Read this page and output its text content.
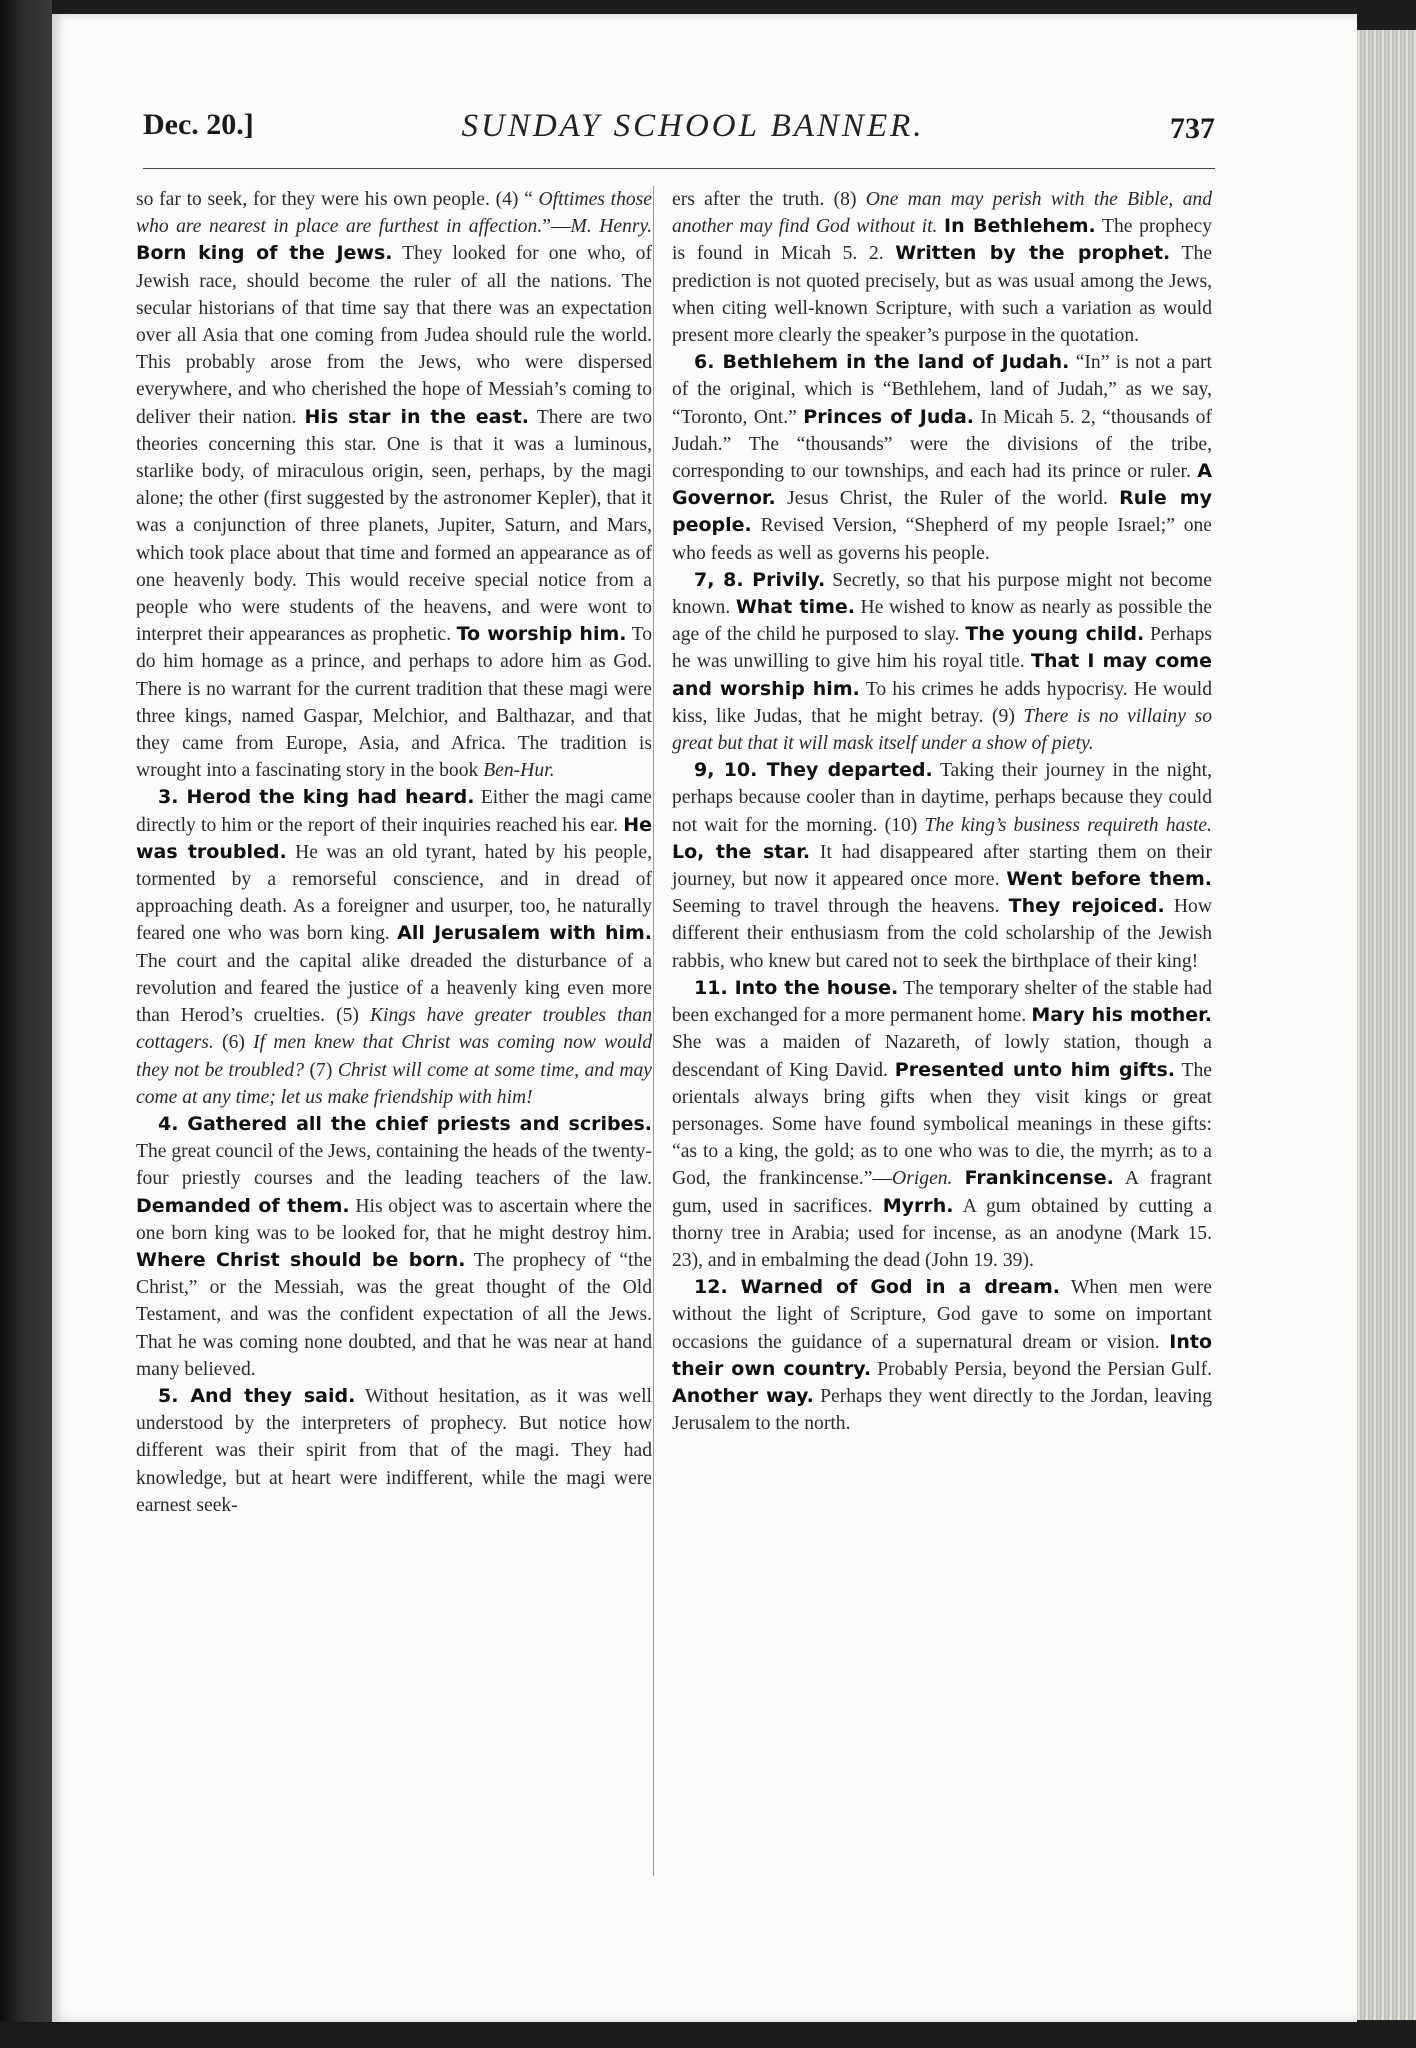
Dec. 20.]	SUNDAY SCHOOL BANNER.	737

so far to seek, for they were his own people. (4) “ Ofttimes those who are nearest in place are furthest in affection.”—M. Henry. Born king of the Jews. They looked for one who, of Jewish race, should become the ruler of all the nations. The secular historians of that time say that there was an expectation over all Asia that one coming from Judea should rule the world. This probably arose from the Jews, who were dispersed everywhere, and who cherished the hope of Messiah’s coming to deliver their nation. His star in the east. There are two theories concerning this star. One is that it was a luminous, starlike body, of miraculous origin, seen, perhaps, by the magi alone; the other (first suggested by the astronomer Kepler), that it was a conjunction of three planets, Jupiter, Saturn, and Mars, which took place about that time and formed an appearance as of one heavenly body. This would receive special notice from a people who were students of the heavens, and were wont to interpret their appearances as prophetic. To worship him. To do him homage as a prince, and perhaps to adore him as God. There is no warrant for the current tradition that these magi were three kings, named Gaspar, Melchior, and Balthazar, and that they came from Europe, Asia, and Africa. The tradition is wrought into a fascinating story in the book Ben-Hur.

3. Herod the king had heard. Either the magi came directly to him or the report of their inquiries reached his ear. He was troubled. He was an old tyrant, hated by his people, tormented by a remorseful conscience, and in dread of approaching death. As a foreigner and usurper, too, he naturally feared one who was born king. All Jerusalem with him. The court and the capital alike dreaded the disturbance of a revolution and feared the justice of a heavenly king even more than Herod’s cruelties. (5) Kings have greater troubles than cottagers. (6) If men knew that Christ was coming now would they not be troubled? (7) Christ will come at some time, and may come at any time; let us make friendship with him!

4. Gathered all the chief priests and scribes. The great council of the Jews, containing the heads of the twenty-four priestly courses and the leading teachers of the law. Demanded of them. His object was to ascertain where the one born king was to be looked for, that he might destroy him. Where Christ should be born. The prophecy of “the Christ,” or the Messiah, was the great thought of the Old Testament, and was the confident expectation of all the Jews. That he was coming none doubted, and that he was near at hand many believed.

5. And they said. Without hesitation, as it was well understood by the interpreters of prophecy. But notice how different was their spirit from that of the magi. They had knowledge, but at heart were indifferent, while the magi were earnest seek-

ers after the truth. (8) One man may perish with the Bible, and another may find God without it. In Bethlehem. The prophecy is found in Micah 5. 2. Written by the prophet. The prediction is not quoted precisely, but as was usual among the Jews, when citing well-known Scripture, with such a variation as would present more clearly the speaker’s purpose in the quotation.

6. Bethlehem in the land of Judah. “In” is not a part of the original, which is “Bethlehem, land of Judah,” as we say, “Toronto, Ont.” Princes of Juda. In Micah 5. 2, “thousands of Judah.” The “thousands” were the divisions of the tribe, corresponding to our townships, and each had its prince or ruler. A Governor. Jesus Christ, the Ruler of the world. Rule my people. Revised Version, “Shepherd of my people Israel;” one who feeds as well as governs his people.

7, 8. Privily. Secretly, so that his purpose might not become known. What time. He wished to know as nearly as possible the age of the child he purposed to slay. The young child. Perhaps he was unwilling to give him his royal title. That I may come and worship him. To his crimes he adds hypocrisy. He would kiss, like Judas, that he might betray. (9) There is no villainy so great but that it will mask itself under a show of piety.

9, 10. They departed. Taking their journey in the night, perhaps because cooler than in daytime, perhaps because they could not wait for the morning. (10) The king’s business requireth haste. Lo, the star. It had disappeared after starting them on their journey, but now it appeared once more. Went before them. Seeming to travel through the heavens. They rejoiced. How different their enthusiasm from the cold scholarship of the Jewish rabbis, who knew but cared not to seek the birthplace of their king!

11. Into the house. The temporary shelter of the stable had been exchanged for a more permanent home. Mary his mother. She was a maiden of Nazareth, of lowly station, though a descendant of King David. Presented unto him gifts. The orientals always bring gifts when they visit kings or great personages. Some have found symbolical meanings in these gifts: “as to a king, the gold; as to one who was to die, the myrrh; as to a God, the frankincense.”—Origen. Frankincense. A fragrant gum, used in sacrifices. Myrrh. A gum obtained by cutting a thorny tree in Arabia; used for incense, as an anodyne (Mark 15. 23), and in embalming the dead (John 19. 39).

12. Warned of God in a dream. When men were without the light of Scripture, God gave to some on important occasions the guidance of a supernatural dream or vision. Into their own country. Probably Persia, beyond the Persian Gulf. Another way. Perhaps they went directly to the Jordan, leaving Jerusalem to the north.
